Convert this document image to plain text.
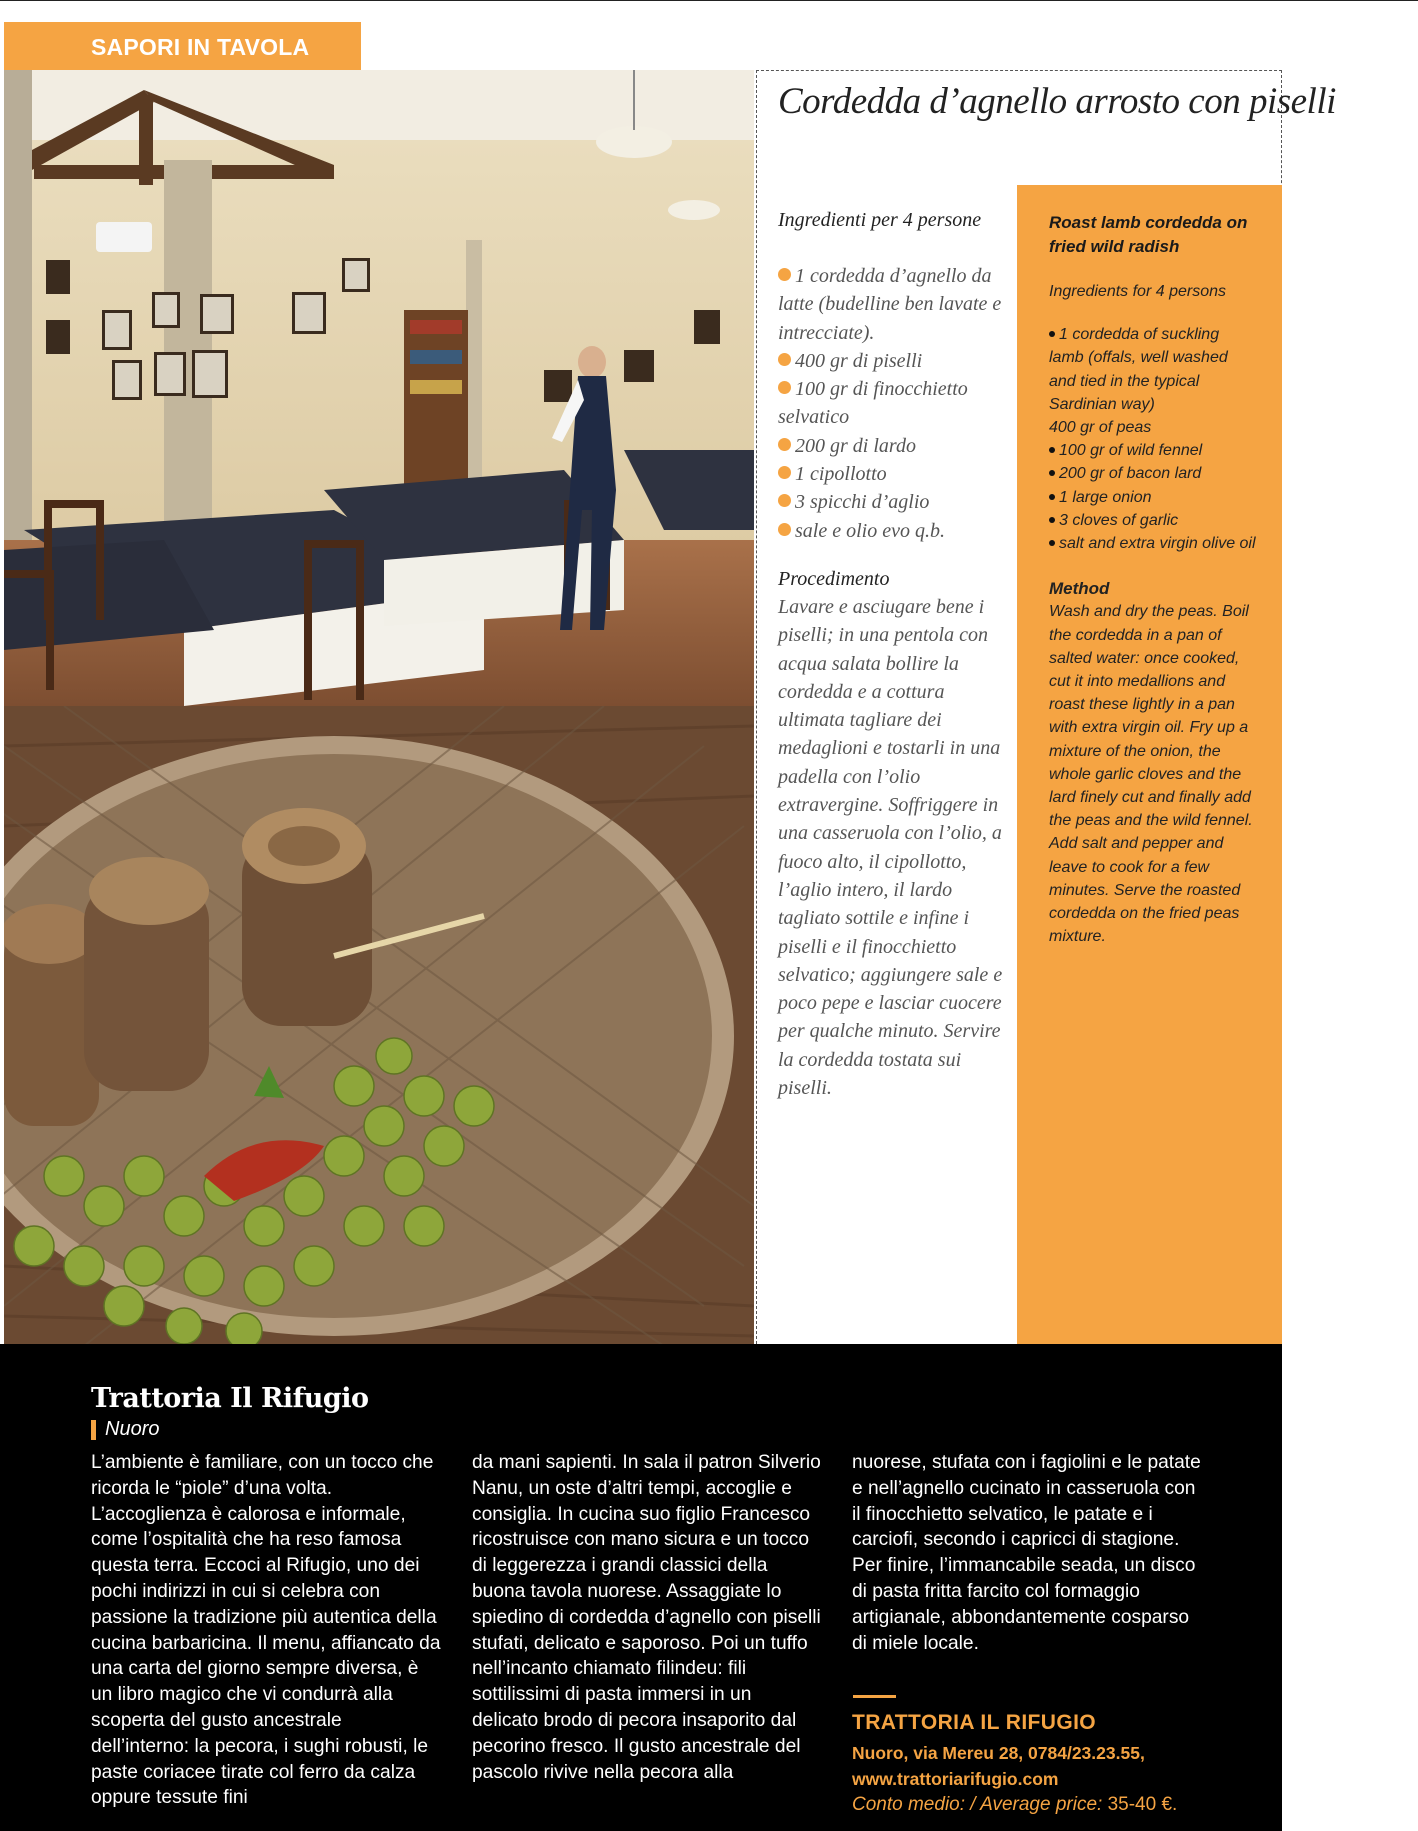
SAPORI IN TAVOLA
Cordedda d’agnello arrosto con piselli

Ingredienti per 4 persone

1 cordedda d’agnello da latte (budelline ben lavate e intrecciate).
400 gr di piselli
100 gr di finocchietto selvatico
200 gr di lardo
1 cipollotto
3 spicchi d’aglio
sale e olio evo q.b.

Procedimento

Lavare e asciugare bene i piselli; in una pentola con acqua salata bollire la cordedda e a cottura ultimata tagliare dei medaglioni e tostarli in una padella con l’olio extravergine. Soffriggere in una casseruola con l’olio, a fuoco alto, il cipollotto, l’aglio intero, il lardo tagliato sottile e infine i piselli e il finocchietto selvatico; aggiungere sale e poco pepe e lasciar cuocere per qualche minuto. Servire la cordedda tostata sui piselli.

Roast lamb cordedda on fried wild radish

Ingredients for 4 persons

1 cordedda of suckling lamb (offals, well washed and tied in the typical Sardinian way)
400 gr of peas
100 gr of wild fennel
200 gr of bacon lard
1 large onion
3 cloves of garlic
salt and extra virgin olive oil

Method

Wash and dry the peas. Boil the cordedda in a pan of salted water: once cooked, cut it into medallions and roast these lightly in a pan with extra virgin oil. Fry up a mixture of the onion, the whole garlic cloves and the lard finely cut and finally add the peas and the wild fennel. Add salt and pepper and leave to cook for a few minutes. Serve the roasted cordedda on the fried peas mixture.

Trattoria Il Rifugio
Nuoro

L’ambiente è familiare, con un tocco che ricorda le “piole” d’una volta. L’accoglienza è calorosa e informale, come l’ospitalità che ha reso famosa questa terra. Eccoci al Rifugio, uno dei pochi indirizzi in cui si celebra con passione la tradizione più autentica della cucina barbaricina. Il menu, affiancato da una carta del giorno sempre diversa, è un libro magico che vi condurrà alla scoperta del gusto ancestrale dell’interno: la pecora, i sughi robusti, le paste coriacee tirate col ferro da calza oppure tessute fini

da mani sapienti. In sala il patron Silverio Nanu, un oste d’altri tempi, accoglie e consiglia. In cucina suo figlio Francesco ricostruisce con mano sicura e un tocco di leggerezza i grandi classici della buona tavola nuorese. Assaggiate lo spiedino di cordedda d’agnello con piselli stufati, delicato e saporoso. Poi un tuffo nell’incanto chiamato filindeu: fili sottilissimi di pasta immersi in un delicato brodo di pecora insaporito dal pecorino fresco. Il gusto ancestrale del pascolo rivive nella pecora alla

nuorese, stufata con i fagiolini e le patate e nell’agnello cucinato in casseruola con il finocchietto selvatico, le patate e i carciofi, secondo i capricci di stagione. Per finire, l’immancabile seada, un disco di pasta fritta farcito col formaggio artigianale, abbondantemente cosparso di miele locale.

TRATTORIA IL RIFUGIO
Nuoro, via Mereu 28, 0784/23.23.55,
www.trattoriarifugio.com
Conto medio: / Average price: 35-40 €.
